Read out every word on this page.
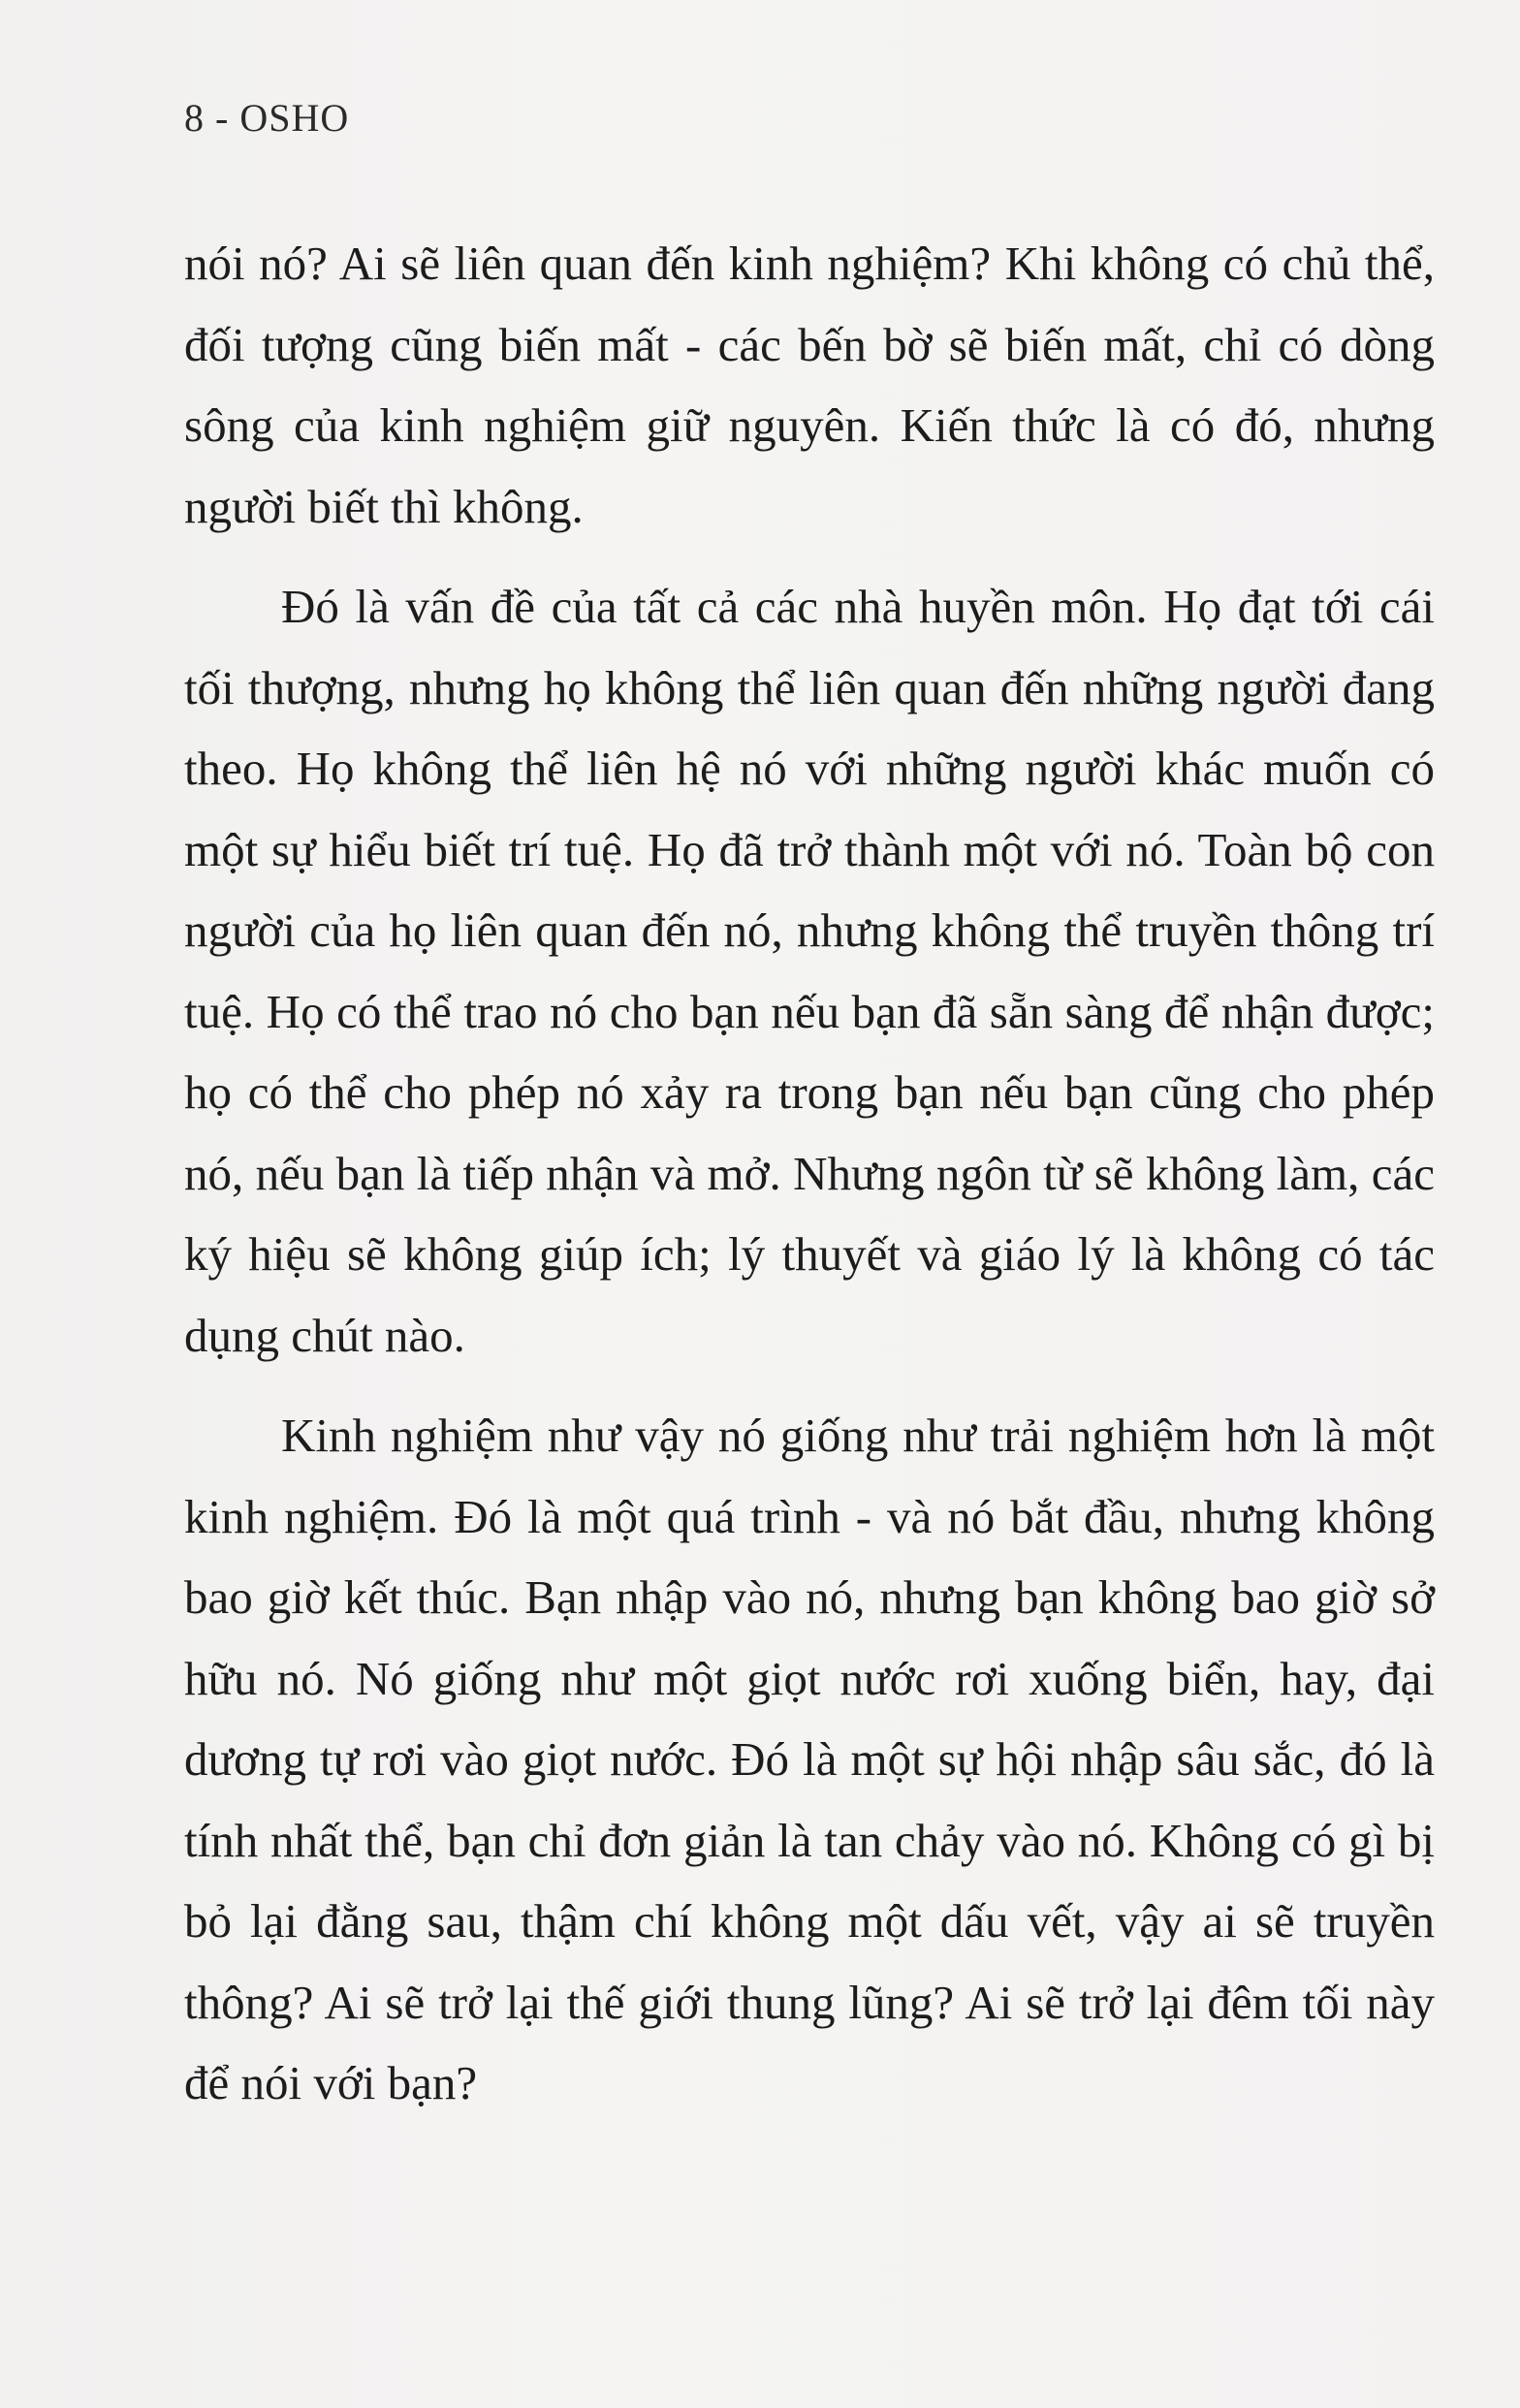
8 - OSHO

nói nó? Ai sẽ liên quan đến kinh nghiệm? Khi không có chủ thể, đối tượng cũng biến mất - các bến bờ sẽ biến mất, chỉ có dòng sông của kinh nghiệm giữ nguyên. Kiến thức là có đó, nhưng người biết thì không.

Đó là vấn đề của tất cả các nhà huyền môn. Họ đạt tới cái tối thượng, nhưng họ không thể liên quan đến những người đang theo. Họ không thể liên hệ nó với những người khác muốn có một sự hiểu biết trí tuệ. Họ đã trở thành một với nó. Toàn bộ con người của họ liên quan đến nó, nhưng không thể truyền thông trí tuệ. Họ có thể trao nó cho bạn nếu bạn đã sẵn sàng để nhận được; họ có thể cho phép nó xảy ra trong bạn nếu bạn cũng cho phép nó, nếu bạn là tiếp nhận và mở. Nhưng ngôn từ sẽ không làm, các ký hiệu sẽ không giúp ích; lý thuyết và giáo lý là không có tác dụng chút nào.

Kinh nghiệm như vậy nó giống như trải nghiệm hơn là một kinh nghiệm. Đó là một quá trình - và nó bắt đầu, nhưng không bao giờ kết thúc. Bạn nhập vào nó, nhưng bạn không bao giờ sở hữu nó. Nó giống như một giọt nước rơi xuống biển, hay, đại dương tự rơi vào giọt nước. Đó là một sự hội nhập sâu sắc, đó là tính nhất thể, bạn chỉ đơn giản là tan chảy vào nó. Không có gì bị bỏ lại đằng sau, thậm chí không một dấu vết, vậy ai sẽ truyền thông? Ai sẽ trở lại thế giới thung lũng? Ai sẽ trở lại đêm tối này để nói với bạn?
